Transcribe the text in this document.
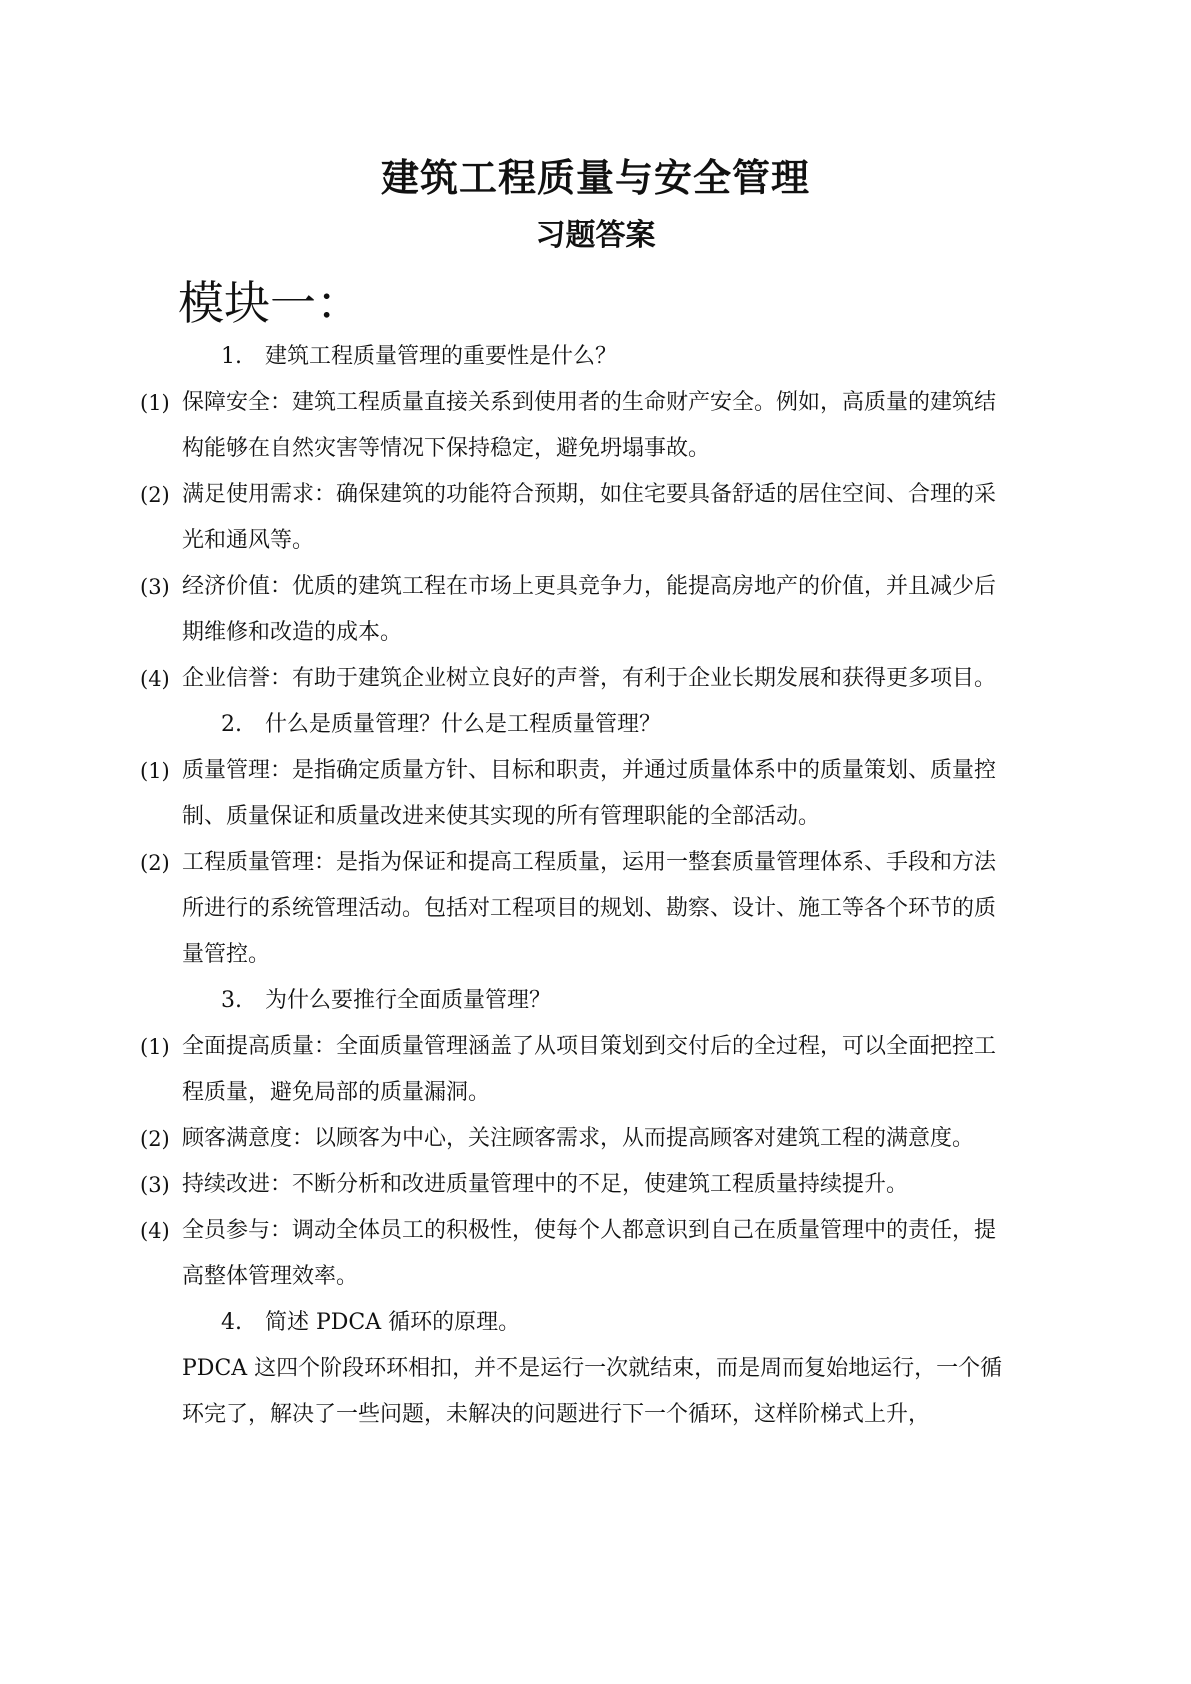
建筑工程质量与安全管理
习题答案
模块一：
1. 建筑工程质量管理的重要性是什么？
(1) 保障安全：建筑工程质量直接关系到使用者的生命财产安全。例如，高质量的建筑结构能够在自然灾害等情况下保持稳定，避免坍塌事故。
(2) 满足使用需求：确保建筑的功能符合预期，如住宅要具备舒适的居住空间、合理的采光和通风等。
(3) 经济价值：优质的建筑工程在市场上更具竞争力，能提高房地产的价值，并且减少后期维修和改造的成本。
(4) 企业信誉：有助于建筑企业树立良好的声誉，有利于企业长期发展和获得更多项目。
2. 什么是质量管理？什么是工程质量管理？
(1) 质量管理：是指确定质量方针、目标和职责，并通过质量体系中的质量策划、质量控制、质量保证和质量改进来使其实现的所有管理职能的全部活动。
(2) 工程质量管理：是指为保证和提高工程质量，运用一整套质量管理体系、手段和方法所进行的系统管理活动。包括对工程项目的规划、勘察、设计、施工等各个环节的质量管控。
3. 为什么要推行全面质量管理？
(1) 全面提高质量：全面质量管理涵盖了从项目策划到交付后的全过程，可以全面把控工程质量，避免局部的质量漏洞。
(2) 顾客满意度：以顾客为中心，关注顾客需求，从而提高顾客对建筑工程的满意度。
(3) 持续改进：不断分析和改进质量管理中的不足，使建筑工程质量持续提升。
(4) 全员参与：调动全体员工的积极性，使每个人都意识到自己在质量管理中的责任，提高整体管理效率。
4. 简述 PDCA 循环的原理。
PDCA 这四个阶段环环相扣，并不是运行一次就结束，而是周而复始地运行，一个循环完了，解决了一些问题，未解决的问题进行下一个循环，这样阶梯式上升，
